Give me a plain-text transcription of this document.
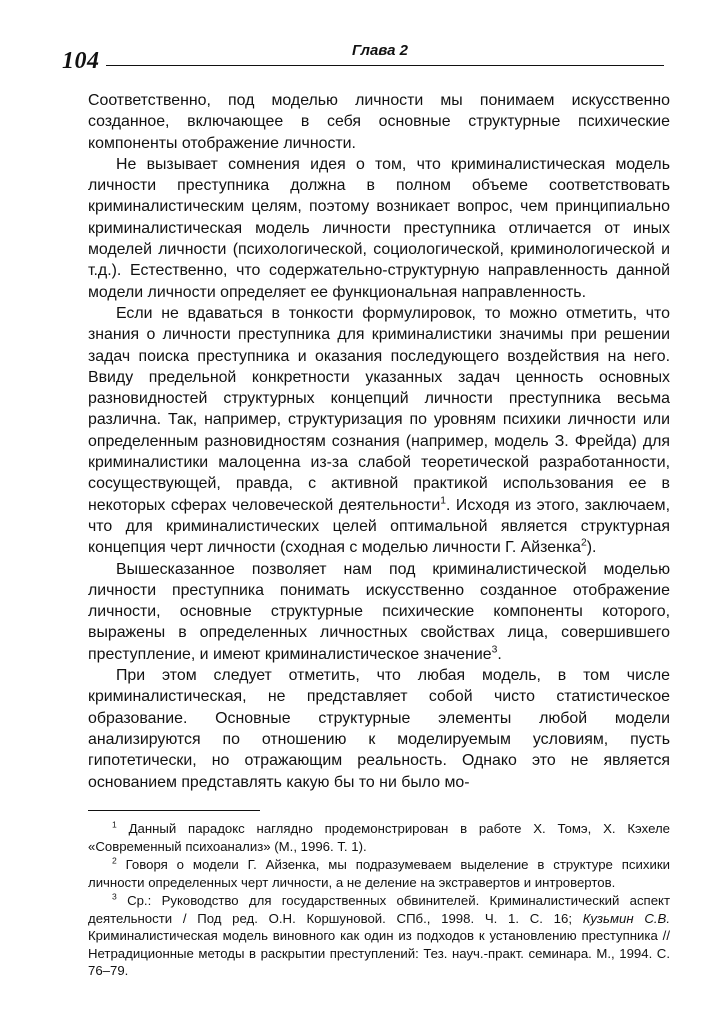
104	Глава 2

Соответственно, под моделью личности мы понимаем искусственно созданное, включающее в себя основные структурные психические компоненты отображение личности.

Не вызывает сомнения идея о том, что криминалистическая модель личности преступника должна в полном объеме соответствовать криминалистическим целям, поэтому возникает вопрос, чем принципиально криминалистическая модель личности преступника отличается от иных моделей личности (психологической, социологической, криминологической и т.д.). Естественно, что содержательно-структурную направленность данной модели личности определяет ее функциональная направленность.

Если не вдаваться в тонкости формулировок, то можно отметить, что знания о личности преступника для криминалистики значимы при решении задач поиска преступника и оказания последующего воздействия на него. Ввиду предельной конкретности указанных задач ценность основных разновидностей структурных концепций личности преступника весьма различна. Так, например, структуризация по уровням психики личности или определенным разновидностям сознания (например, модель З. Фрейда) для криминалистики малоценна из-за слабой теоретической разработанности, сосуществующей, правда, с активной практикой использования ее в некоторых сферах человеческой деятельности$^1$. Исходя из этого, заключаем, что для криминалистических целей оптимальной является структурная концепция черт личности (сходная с моделью личности Г. Айзенка$^2$).

Вышесказанное позволяет нам под криминалистической моделью личности преступника понимать искусственно созданное отображение личности, основные структурные психические компоненты которого, выражены в определенных личностных свойствах лица, совершившего преступление, и имеют криминалистическое значение$^3$.

При этом следует отметить, что любая модель, в том числе криминалистическая, не представляет собой чисто статистическое образование. Основные структурные элементы любой модели анализируются по отношению к моделируемым условиям, пусть гипотетически, но отражающим реальность. Однако это не является основанием представлять какую бы то ни было мо-

$^1$ Данный парадокс наглядно продемонстрирован в работе Х. Томэ, Х. Кэхеле «Современный психоанализ» (М., 1996. Т. 1).

$^2$ Говоря о модели Г. Айзенка, мы подразумеваем выделение в структуре психики личности определенных черт личности, а не деление на экстравертов и интровертов.

$^3$ Ср.: Руководство для государственных обвинителей. Криминалистический аспект деятельности / Под ред. О.Н. Коршуновой. СПб., 1998. Ч. 1. С. 16; Кузьмин С.В. Криминалистическая модель виновного как один из подходов к установлению преступника // Нетрадиционные методы в раскрытии преступлений: Тез. науч.-практ. семинара. М., 1994. С. 76–79.
